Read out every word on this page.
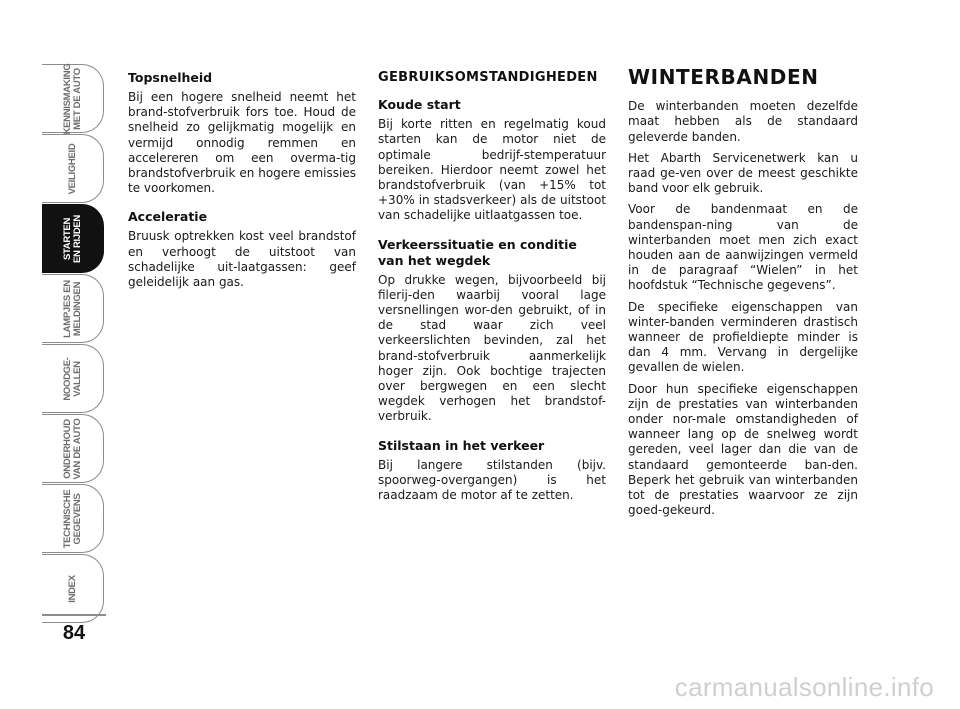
KENNISMAKING
MET DE AUTO
VEILIGHEID
STARTEN
EN RIJDEN
LAMPJES EN
MELDINGEN
NOODGE-
VALLEN
ONDERHOUD
VAN DE AUTO
TECHNISCHE
GEGEVENS
INDEX
84
Topsnelheid

Bij een hogere snelheid neemt het brand-stofverbruik fors toe. Houd de snelheid zo gelijkmatig mogelijk en vermijd onnodig remmen en accelereren om een overma-tig brandstofverbruik en hogere emissies te voorkomen.

Acceleratie

Bruusk optrekken kost veel brandstof en verhoogt de uitstoot van schadelijke uit-laatgassen: geef geleidelijk aan gas.

GEBRUIKSOMSTANDIGHEDEN
Koude start

Bij korte ritten en regelmatig koud starten kan de motor niet de optimale bedrijf-stemperatuur bereiken. Hierdoor neemt zowel het brandstofverbruik (van +15% tot +30% in stadsverkeer) als de uitstoot van schadelijke uitlaatgassen toe.

Verkeerssituatie en conditie van het wegdek

Op drukke wegen, bijvoorbeeld bij filerij-den waarbij vooral lage versnellingen wor-den gebruikt, of in de stad waar zich veel verkeerslichten bevinden, zal het brand-stofverbruik aanmerkelijk hoger zijn. Ook bochtige trajecten over bergwegen en een slecht wegdek verhogen het brandstof-verbruik.

Stilstaan in het verkeer

Bij langere stilstanden (bijv. spoorweg-overgangen) is het raadzaam de motor af te zetten.

WINTERBANDEN

De winterbanden moeten dezelfde maat hebben als de standaard geleverde banden.

Het Abarth Servicenetwerk kan u raad ge-ven over de meest geschikte band voor elk gebruik.

Voor de bandenmaat en de bandenspan-ning van de winterbanden moet men zich exact houden aan de aanwijzingen vermeld in de paragraaf “Wielen” in het hoofdstuk “Technische gegevens”.

De specifieke eigenschappen van winter-banden verminderen drastisch wanneer de profieldiepte minder is dan 4 mm. Vervang in dergelijke gevallen de wielen.

Door hun specifieke eigenschappen zijn de prestaties van winterbanden onder nor-male omstandigheden of wanneer lang op de snelweg wordt gereden, veel lager dan die van de standaard gemonteerde ban-den. Beperk het gebruik van winterbanden tot de prestaties waarvoor ze zijn goed-gekeurd.

carmanualsonline.info
